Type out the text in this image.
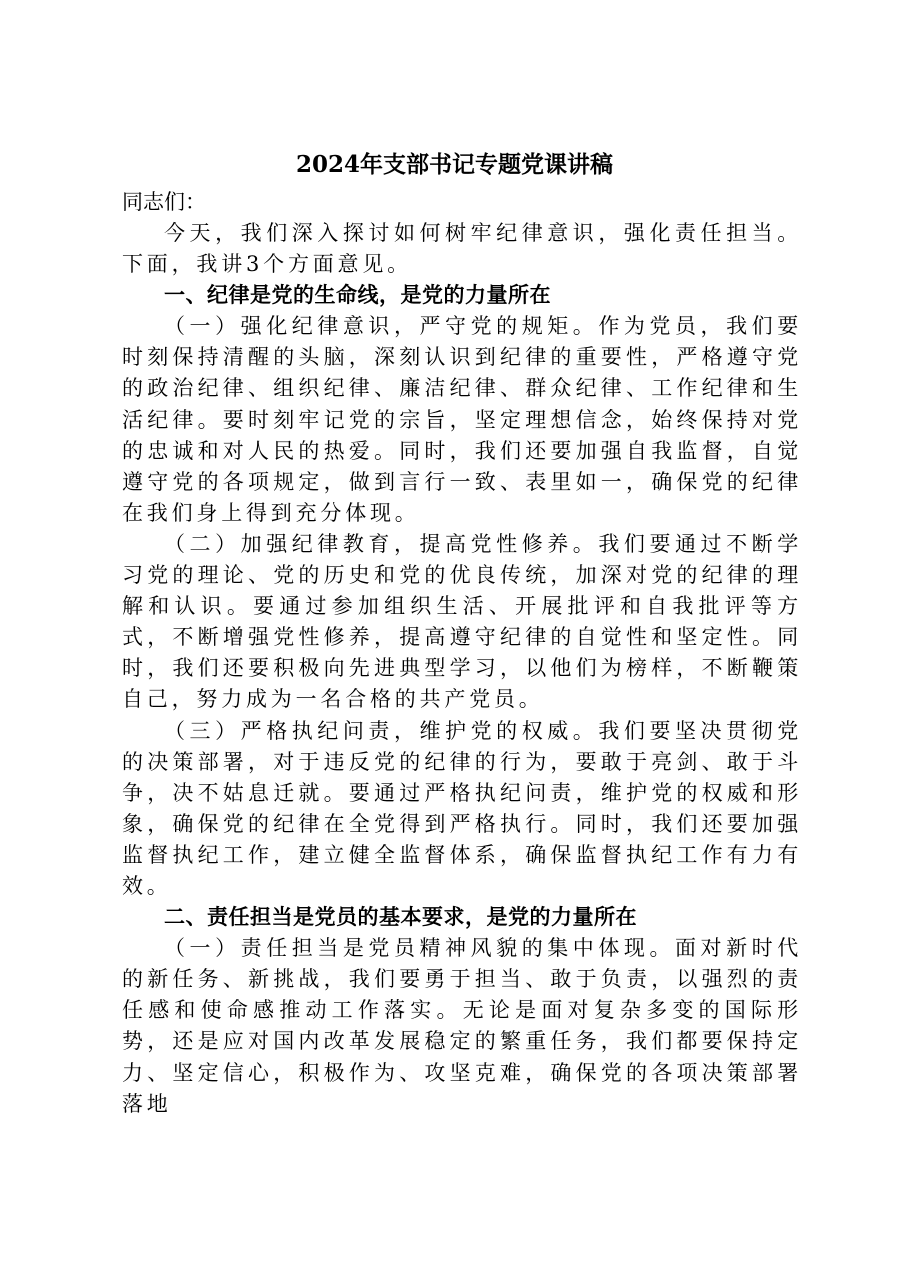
2024年支部书记专题党课讲稿
同志们：

今天，我们深入探讨如何树牢纪律意识，强化责任担当。下面，我讲3个方面意见。

一、纪律是党的生命线，是党的力量所在

（一）强化纪律意识，严守党的规矩。作为党员，我们要时刻保持清醒的头脑，深刻认识到纪律的重要性，严格遵守党的政治纪律、组织纪律、廉洁纪律、群众纪律、工作纪律和生活纪律。要时刻牢记党的宗旨，坚定理想信念，始终保持对党的忠诚和对人民的热爱。同时，我们还要加强自我监督，自觉遵守党的各项规定，做到言行一致、表里如一，确保党的纪律在我们身上得到充分体现。

（二）加强纪律教育，提高党性修养。我们要通过不断学习党的理论、党的历史和党的优良传统，加深对党的纪律的理解和认识。要通过参加组织生活、开展批评和自我批评等方式，不断增强党性修养，提高遵守纪律的自觉性和坚定性。同时，我们还要积极向先进典型学习，以他们为榜样，不断鞭策自己，努力成为一名合格的共产党员。

（三）严格执纪问责，维护党的权威。我们要坚决贯彻党的决策部署，对于违反党的纪律的行为，要敢于亮剑、敢于斗争，决不姑息迁就。要通过严格执纪问责，维护党的权威和形象，确保党的纪律在全党得到严格执行。同时，我们还要加强监督执纪工作，建立健全监督体系，确保监督执纪工作有力有效。

二、责任担当是党员的基本要求，是党的力量所在

（一）责任担当是党员精神风貌的集中体现。面对新时代的新任务、新挑战，我们要勇于担当、敢于负责，以强烈的责任感和使命感推动工作落实。无论是面对复杂多变的国际形势，还是应对国内改革发展稳定的繁重任务，我们都要保持定力、坚定信心，积极作为、攻坚克难，确保党的各项决策部署落地
